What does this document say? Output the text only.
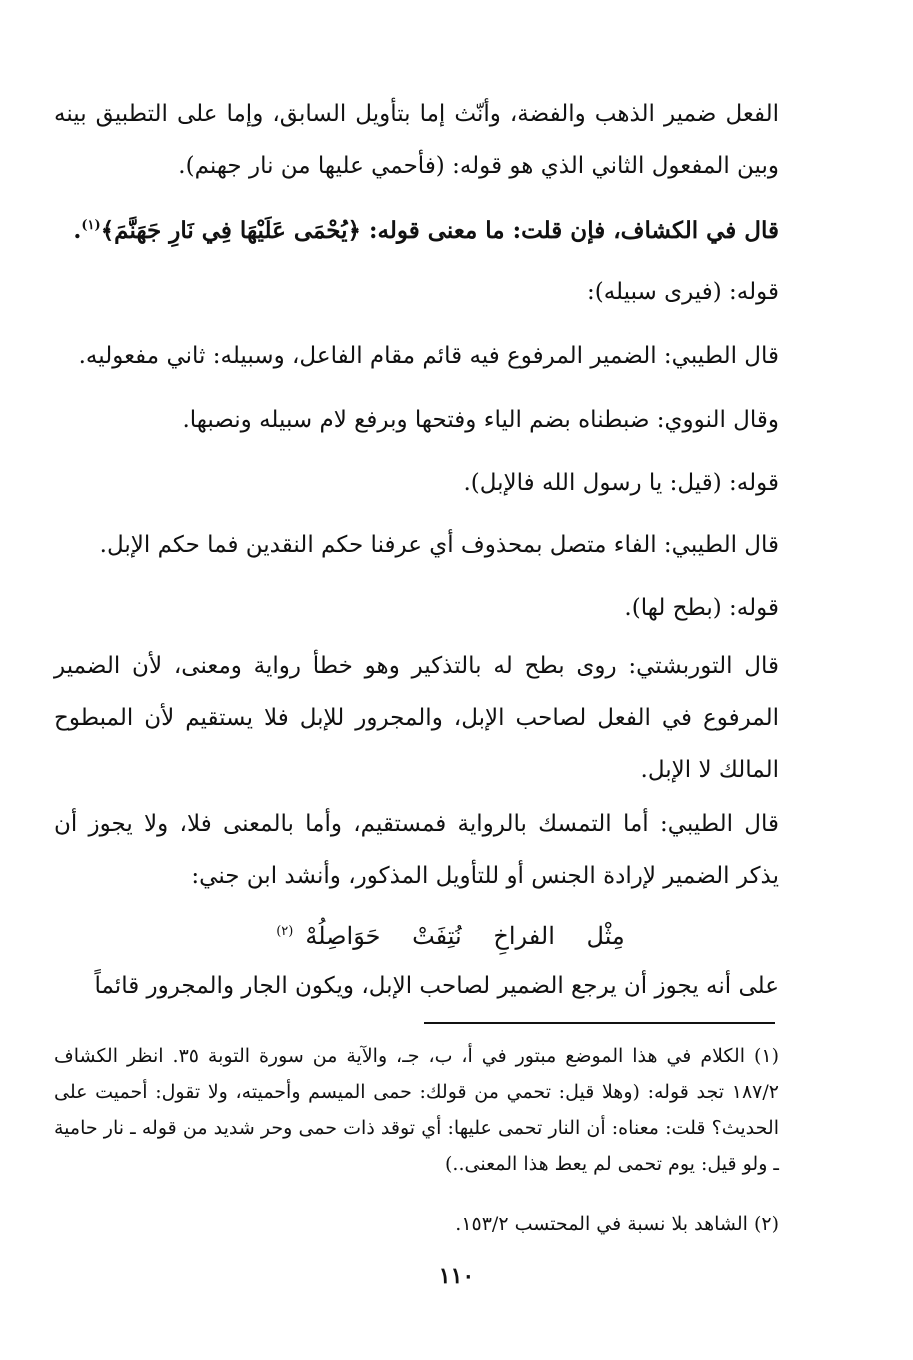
الفعل ضمير الذهب والفضة، وأنّث إما بتأويل السابق، وإما على التطبيق بينه وبين المفعول الثاني الذي هو قوله: (فأحمي عليها من نار جهنم).

قال في الكشاف، فإن قلت: ما معنى قوله: ﴿يُحْمَى عَلَيْهَا فِي نَارِ جَهَنَّمَ﴾$^{(١)}$.

قوله: (فيرى سبيله):

قال الطيبي: الضمير المرفوع فيه قائم مقام الفاعل، وسبيله: ثاني مفعوليه.

وقال النووي: ضبطناه بضم الياء وفتحها وبرفع لام سبيله ونصبها.

قوله: (قيل: يا رسول الله فالإبل).

قال الطيبي: الفاء متصل بمحذوف أي عرفنا حكم النقدين فما حكم الإبل.

قوله: (بطح لها).

قال التوربشتي: روى بطح له بالتذكير وهو خطأ رواية ومعنى، لأن الضمير المرفوع في الفعل لصاحب الإبل، والمجرور للإبل فلا يستقيم لأن المبطوح المالك لا الإبل.

قال الطيبي: أما التمسك بالرواية فمستقيم، وأما بالمعنى فلا، ولا يجوز أن يذكر الضمير لإرادة الجنس أو للتأويل المذكور، وأنشد ابن جني:

مِثْل الفراخِ نُتِفَتْ حَوَاصِلُهْ$^{(٢)}$

على أنه يجوز أن يرجع الضمير لصاحب الإبل، ويكون الجار والمجرور قائماً

(١) الكلام في هذا الموضع مبتور في أ، ب، جـ، والآية من سورة التوبة ٣٥. انظر الكشاف ١٨٧/٢ تجد قوله: (وهلا قيل: تحمي من قولك: حمى الميسم وأحميته، ولا تقول: أحميت على الحديث؟ قلت: معناه: أن النار تحمى عليها: أي توقد ذات حمى وحر شديد من قوله ـ نار حامية ـ ولو قيل: يوم تحمى لم يعط هذا المعنى..)

(٢) الشاهد بلا نسبة في المحتسب ١٥٣/٢.

١١٠
